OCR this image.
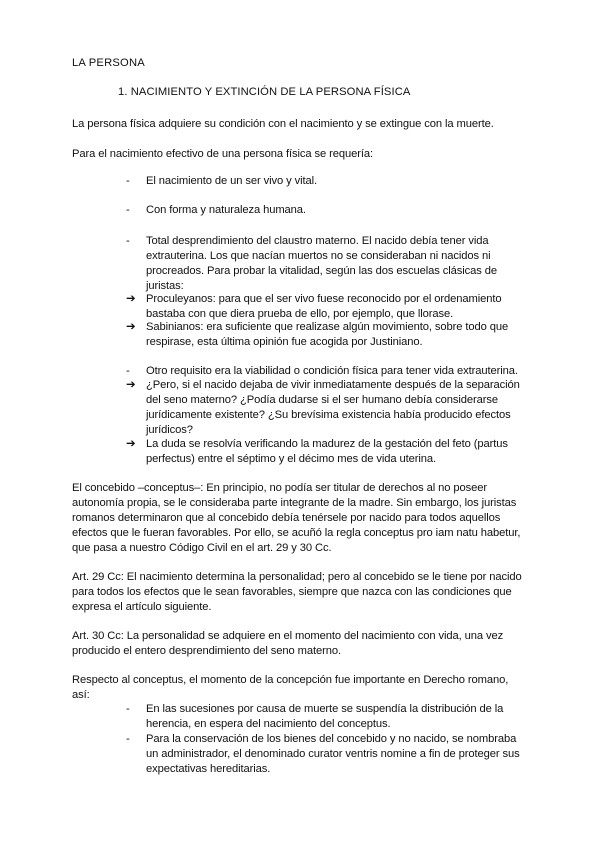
LA PERSONA
1. NACIMIENTO Y EXTINCIÓN DE LA PERSONA FÍSICA
La persona física adquiere su condición con el nacimiento y se extingue con la muerte.
Para el nacimiento efectivo de una persona física se requería:
- El nacimiento de un ser vivo y vital.
- Con forma y naturaleza humana.
- Total desprendimiento del claustro materno. El nacido debía tener vida
extrauterina. Los que nacían muertos no se consideraban ni nacidos ni
procreados. Para probar la vitalidad, según las dos escuelas clásicas de
juristas:
➔ Proculeyanos: para que el ser vivo fuese reconocido por el ordenamiento
bastaba con que diera prueba de ello, por ejemplo, que llorase.
➔ Sabinianos: era suficiente que realizase algún movimiento, sobre todo que
respirase, esta última opinión fue acogida por Justiniano.
- Otro requisito era la viabilidad o condición física para tener vida extrauterina.
➔ ¿Pero, si el nacido dejaba de vivir inmediatamente después de la separación
del seno materno? ¿Podía dudarse si el ser humano debía considerarse
jurídicamente existente? ¿Su brevísima existencia había producido efectos
jurídicos?
➔ La duda se resolvía verificando la madurez de la gestación del feto (partus
perfectus) entre el séptimo y el décimo mes de vida uterina.
El concebido –conceptus–: En principio, no podía ser titular de derechos al no poseer
autonomía propia, se le consideraba parte integrante de la madre. Sin embargo, los juristas
romanos determinaron que al concebido debía tenérsele por nacido para todos aquellos
efectos que le fueran favorables. Por ello, se acuñó la regla conceptus pro iam natu habetur,
que pasa a nuestro Código Civil en el art. 29 y 30 Cc.
Art. 29 Cc: El nacimiento determina la personalidad; pero al concebido se le tiene por nacido
para todos los efectos que le sean favorables, siempre que nazca con las condiciones que
expresa el artículo siguiente.
Art. 30 Cc: La personalidad se adquiere en el momento del nacimiento con vida, una vez
producido el entero desprendimiento del seno materno.
Respecto al conceptus, el momento de la concepción fue importante en Derecho romano,
así:
- En las sucesiones por causa de muerte se suspendía la distribución de la
herencia, en espera del nacimiento del conceptus.
- Para la conservación de los bienes del concebido y no nacido, se nombraba
un administrador, el denominado curator ventris nomine a fin de proteger sus
expectativas hereditarias.
